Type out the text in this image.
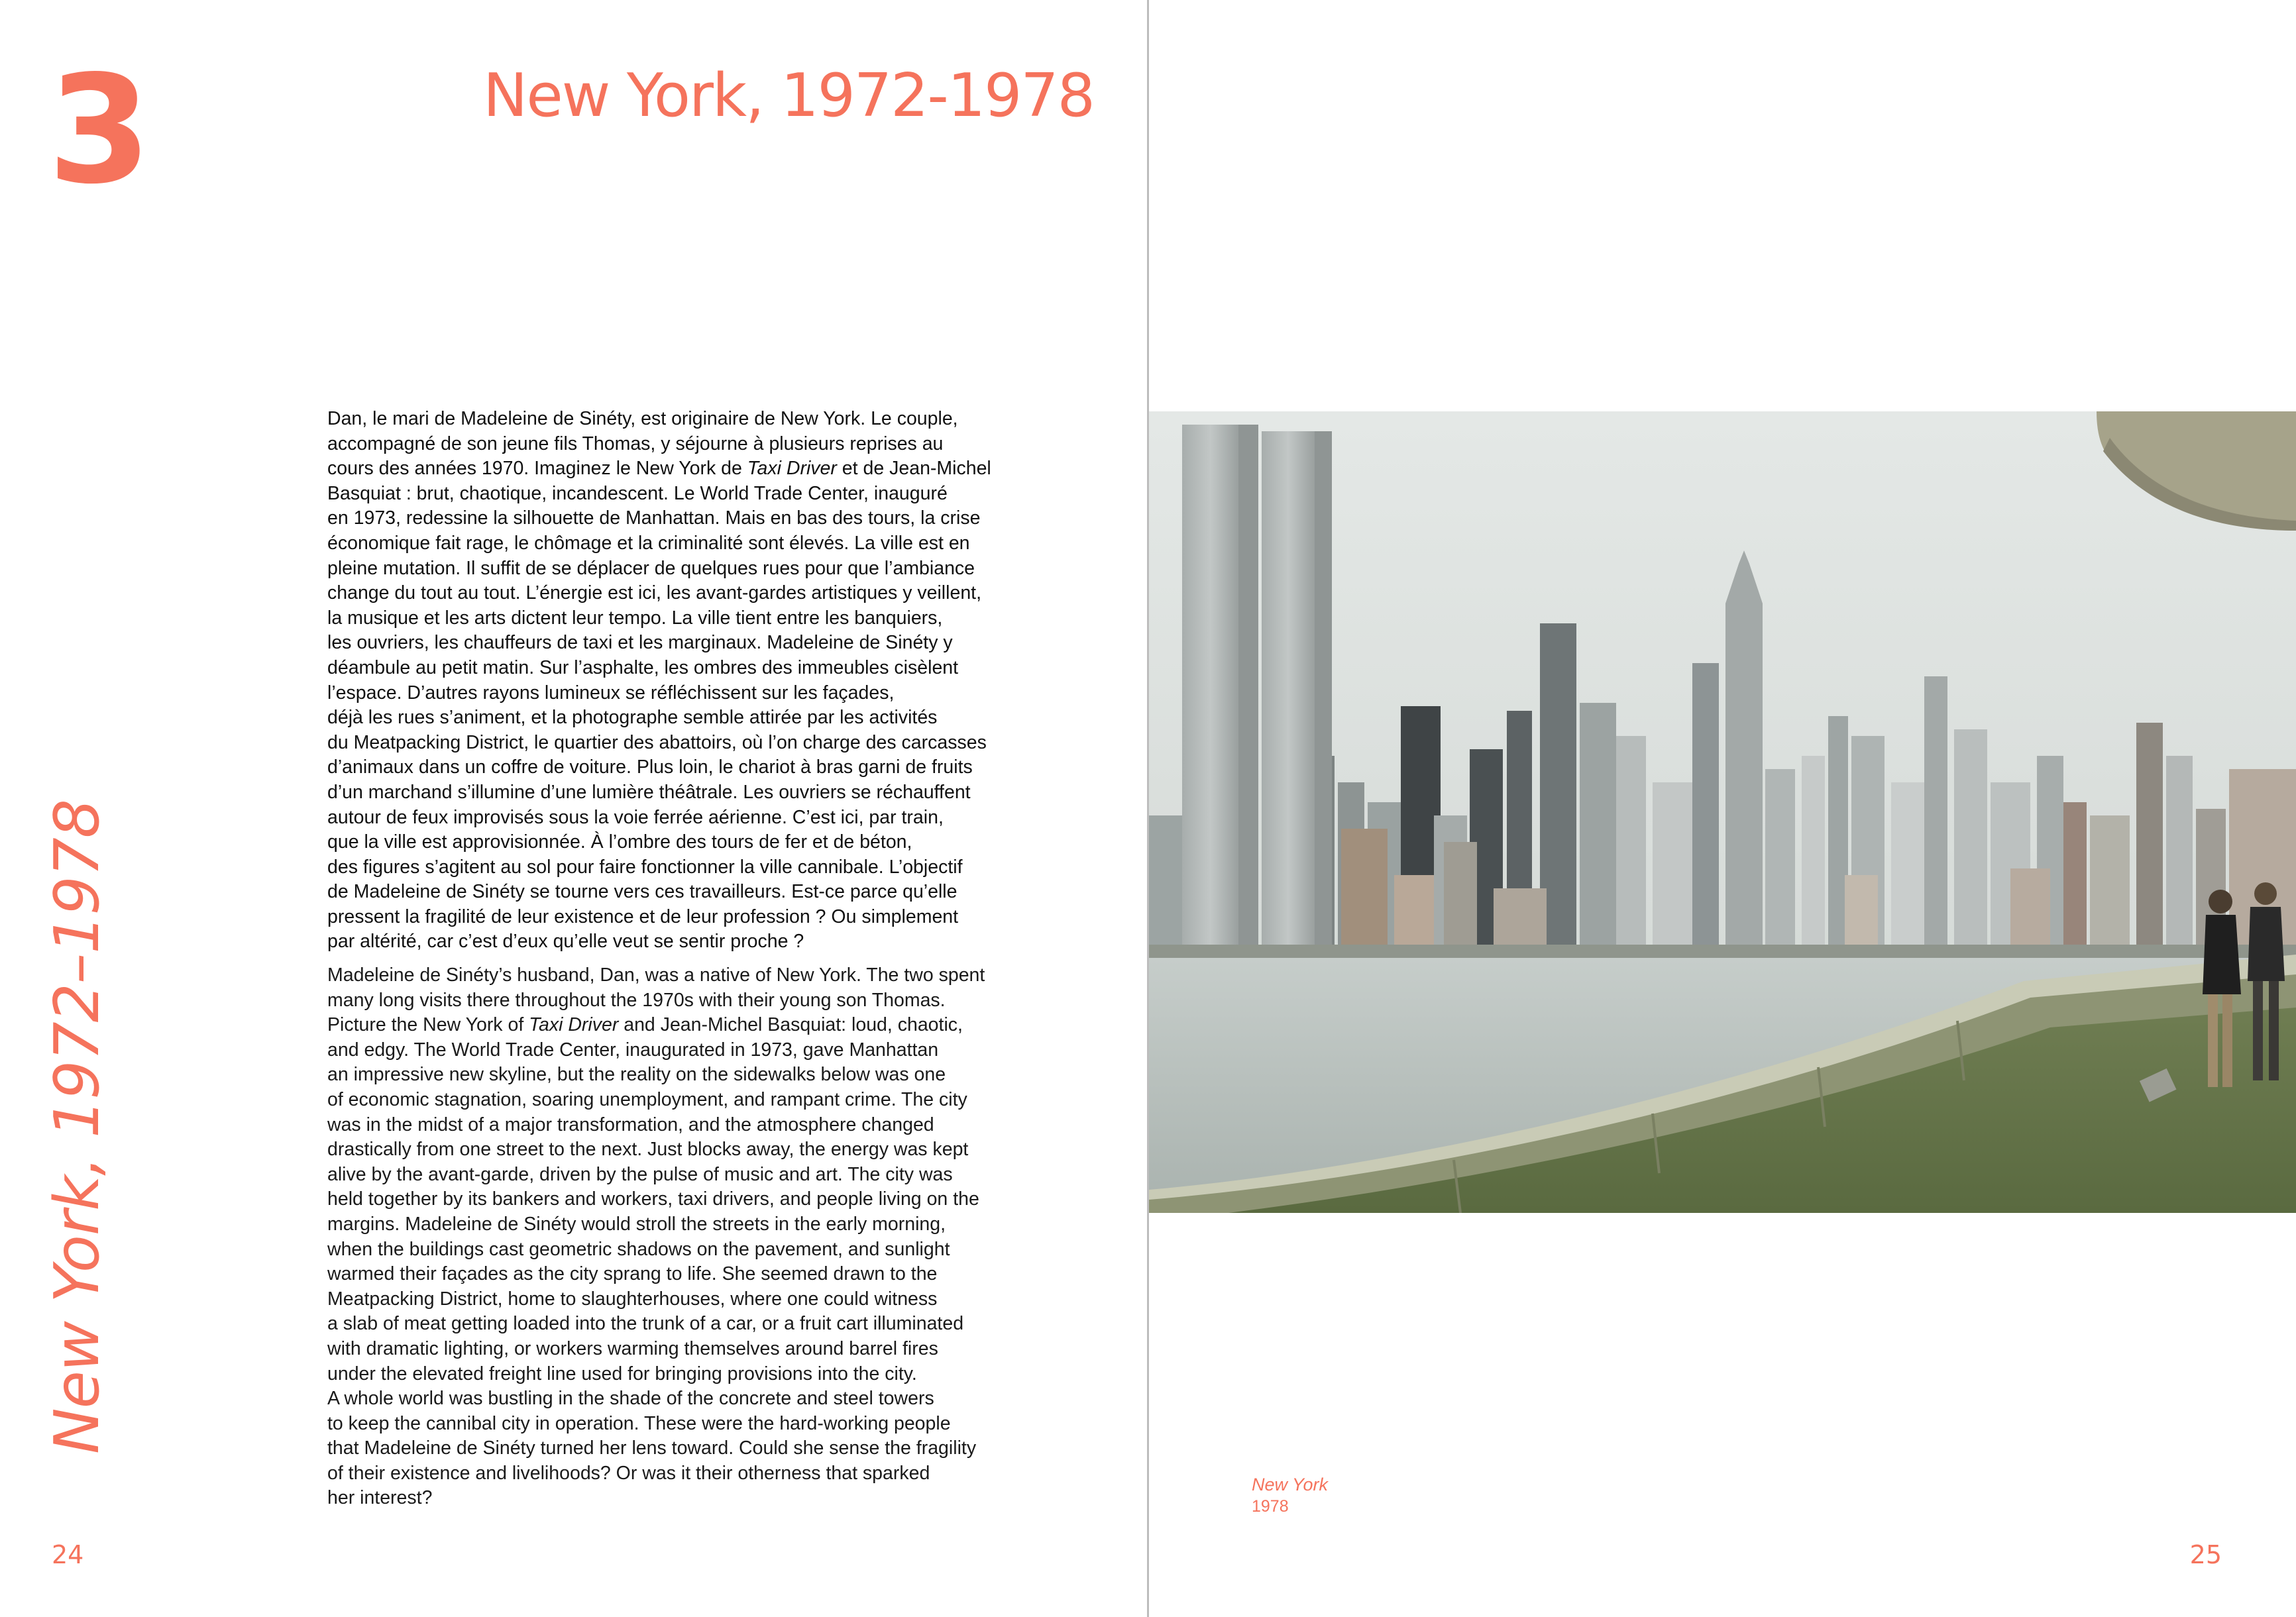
3	New York, 1972-1978
New York, 1972–1978
Dan, le mari de Madeleine de Sinéty, est originaire de New York. Le couple,
accompagné de son jeune fils Thomas, y séjourne à plusieurs reprises au
cours des années 1970. Imaginez le New York de Taxi Driver et de Jean-Michel
Basquiat : brut, chaotique, incandescent. Le World Trade Center, inauguré
en 1973, redessine la silhouette de Manhattan. Mais en bas des tours, la crise
économique fait rage, le chômage et la criminalité sont élevés. La ville est en
pleine mutation. Il suffit de se déplacer de quelques rues pour que l’ambiance
change du tout au tout. L’énergie est ici, les avant-gardes artistiques y veillent,
la musique et les arts dictent leur tempo. La ville tient entre les banquiers,
les ouvriers, les chauffeurs de taxi et les marginaux. Madeleine de Sinéty y
déambule au petit matin. Sur l’asphalte, les ombres des immeubles cisèlent
l’espace. D’autres rayons lumineux se réfléchissent sur les façades,
déjà les rues s’animent, et la photographe semble attirée par les activités
du Meatpacking District, le quartier des abattoirs, où l’on charge des carcasses
d’animaux dans un coffre de voiture. Plus loin, le chariot à bras garni de fruits
d’un marchand s’illumine d’une lumière théâtrale. Les ouvriers se réchauffent
autour de feux improvisés sous la voie ferrée aérienne. C’est ici, par train,
que la ville est approvisionnée. À l’ombre des tours de fer et de béton,
des figures s’agitent au sol pour faire fonctionner la ville cannibale. L’objectif
de Madeleine de Sinéty se tourne vers ces travailleurs. Est-ce parce qu’elle
pressent la fragilité de leur existence et de leur profession ? Ou simplement
par altérité, car c’est d’eux qu’elle veut se sentir proche ?
Madeleine de Sinéty’s husband, Dan, was a native of New York. The two spent
many long visits there throughout the 1970s with their young son Thomas.
Picture the New York of Taxi Driver and Jean-Michel Basquiat: loud, chaotic,
and edgy. The World Trade Center, inaugurated in 1973, gave Manhattan
an impressive new skyline, but the reality on the sidewalks below was one
of economic stagnation, soaring unemployment, and rampant crime. The city
was in the midst of a major transformation, and the atmosphere changed
drastically from one street to the next. Just blocks away, the energy was kept
alive by the avant-garde, driven by the pulse of music and art. The city was
held together by its bankers and workers, taxi drivers, and people living on the
margins. Madeleine de Sinéty would stroll the streets in the early morning,
when the buildings cast geometric shadows on the pavement, and sunlight
warmed their façades as the city sprang to life. She seemed drawn to the
Meatpacking District, home to slaughterhouses, where one could witness
a slab of meat getting loaded into the trunk of a car, or a fruit cart illuminated
with dramatic lighting, or workers warming themselves around barrel fires
under the elevated freight line used for bringing provisions into the city.
A whole world was bustling in the shade of the concrete and steel towers
to keep the cannibal city in operation. These were the hard-working people
that Madeleine de Sinéty turned her lens toward. Could she sense the fragility
of their existence and livelihoods? Or was it their otherness that sparked
her interest?
New York
1978
24	25
